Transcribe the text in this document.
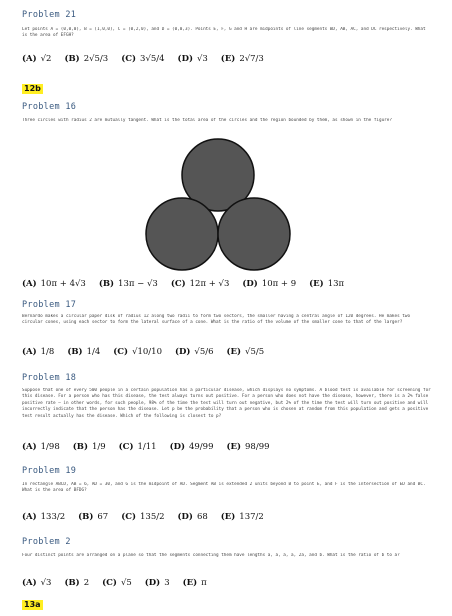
Problem 21
Let points A = (0,0,0), B = (1,0,0), C = (0,2,0), and D = (0,0,3). Points E, F, G and H are midpoints of line segments BD, AB, AC, and DC respectively. What is the area of EFGH?
(A) √2 (B) 2√5/3 (C) 3√5/4 (D) √3 (E) 2√7/3
12b
Problem 16
Three circles with radius 2 are mutually tangent. What is the total area of the circles and the region bounded by them, as shown in the figure?
(A) 10π + 4√3 (B) 13π − √3 (C) 12π + √3 (D) 10π + 9 (E) 13π
Problem 17
Bernardo makes a circular paper disk of radius 12 along two radii to form two sectors, the smaller having a central angle of 120 degrees. He makes two circular cones, using each sector to form the lateral surface of a cone. What is the ratio of the volume of the smaller cone to that of the larger?
(A) 1/8 (B) 1/4 (C) √10/10 (D) √5/6 (E) √5/5
Problem 18
Suppose that one of every 500 people in a certain population has a particular disease, which displays no symptoms. A blood test is available for screening for this disease. For a person who has this disease, the test always turns out positive. For a person who does not have the disease, however, there is a 2% false positive rate — in other words, for such people, 98% of the time the test will turn out negative, but 2% of the time the test will turn out positive and will incorrectly indicate that the person has the disease. Let p be the probability that a person who is chosen at random from this population and gets a positive test result actually has the disease. Which of the following is closest to p?
(A) 1/98 (B) 1/9 (C) 1/11 (D) 49/99 (E) 98/99
Problem 19
In rectangle ABCD, AB = 6, AD = 30, and G is the midpoint of AD. Segment AB is extended 2 units beyond B to point E, and F is the intersection of ED and BC. What is the area of BFDG?
(A) 133/2 (B) 67 (C) 135/2 (D) 68 (E) 137/2
Problem 2
Four distinct points are arranged on a plane so that the segments connecting them have lengths a, a, a, a, 2a, and b. What is the ratio of b to a?
(A) √3 (B) 2 (C) √5 (D) 3 (E) π
13a
